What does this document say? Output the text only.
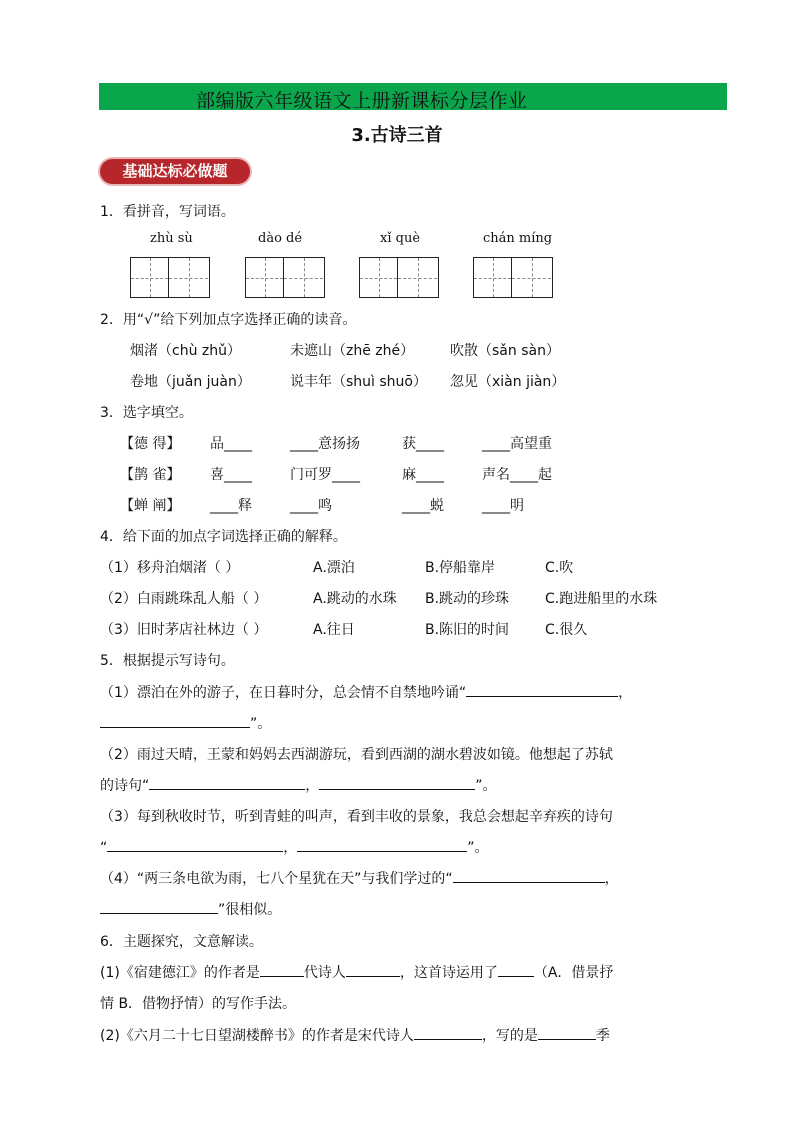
部编版六年级语文上册新课标分层作业
3.古诗三首
基础达标必做题
1．看拼音，写词语。
zhù sù	dào dé	xǐ què	chán míng
2．用“√”给下列加点字选择正确的读音。
烟渚（chù zhǔ）	未遮山（zhē zhé）	吹散（sǎn sàn）
卷地（juǎn juàn）	说丰年（shuì shuō） 忽见（xiàn jiàn）
3．选字填空。
【德 得】 品____	____意扬扬	获____	____高望重
【鹊 雀】 喜____	门可罗____	麻____	声名____起
【蝉 阐】 ____释	____鸣	____蜕	____明
4．给下面的加点字词选择正确的解释。
（1）移舟泊烟渚（ ）	A.漂泊	B.停船靠岸	C.吹
（2）白雨跳珠乱人船（ ）	A.跳动的水珠 B.跳动的珍珠	C.跑进船里的水珠
（3）旧时茅店社林边（ ）	A.往日	B.陈旧的时间	C.很久
5．根据提示写诗句。
（1）漂泊在外的游子，在日暮时分，总会情不自禁地吟诵“	，
”。
（2）雨过天晴，王蒙和妈妈去西湖游玩，看到西湖的湖水碧波如镜。他想起了苏轼
的诗句“	，	”。
（3）每到秋收时节，听到青蛙的叫声，看到丰收的景象，我总会想起辛弃疾的诗句
“	，	”。
（4）“两三条电欲为雨，七八个星犹在天”与我们学过的“	，
”很相似。
6．主题探究，文意解读。
(1)《宿建德江》的作者是	代诗人	，这首诗运用了	（A．借景抒
情 B．借物抒情）的写作手法。
(2)《六月二十七日望湖楼醉书》的作者是宋代诗人	，写的是	季
